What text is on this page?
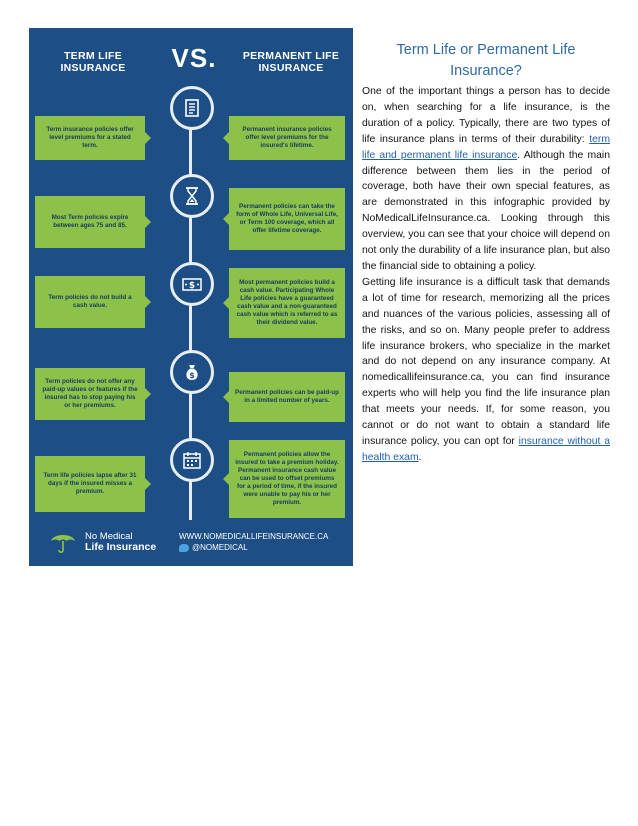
TERM LIFE INSURANCE	VS.	PERMANENT LIFE INSURANCE
Term insurance policies offer level premiums for a stated term.
Permanent insurance policies offer level premiums for the insured's lifetime.
Most Term policies expire between ages 75 and 85.
Permanent policies can take the form of Whole Life, Universal Life, or Term 100 coverage, which all offer lifetime coverage.
Term policies do not build a cash value.
$	Most permanent policies build a cash value. Participating Whole Life policies have a guaranteed cash value and a non-guaranteed cash value which is referred to as their dividend value.
Term policies do not offer any paid-up values or features if the insured has to stop paying his or her premiums.
$
Permanent policies can be paid-up in a limited number of years.
Term life policies lapse after 31 days if the insured misses a premium.
Permanent policies allow the insured to take a premium holiday. Permanent insurance cash value can be used to offset premiums for a period of time, if the insured were unable to pay his or her premium.
No Medical
Life Insurance
WWW.NOMEDICALLIFEINSURANCE.CA
@NOMEDICAL
Term Life or Permanent Life Insurance?

One of the important things a person has to decide on, when searching for a life insurance, is the duration of a policy. Typically, there are two types of life insurance plans in terms of their durability: term life and permanent life insurance. Although the main difference between them lies in the period of coverage, both have their own special features, as are demonstrated in this infographic provided by NoMedicalLifeInsurance.ca. Looking through this overview, you can see that your choice will depend on not only the durability of a life insurance plan, but also the financial side to obtaining a policy.

Getting life insurance is a difficult task that demands a lot of time for research, memorizing all the prices and nuances of the various policies, assessing all of the risks, and so on. Many people prefer to address life insurance brokers, who specialize in the market and do not depend on any insurance company. At nomedicallifeinsurance.ca, you can find insurance experts who will help you find the life insurance plan that meets your needs. If, for some reason, you cannot or do not want to obtain a standard life insurance policy, you can opt for insurance without a health exam.
